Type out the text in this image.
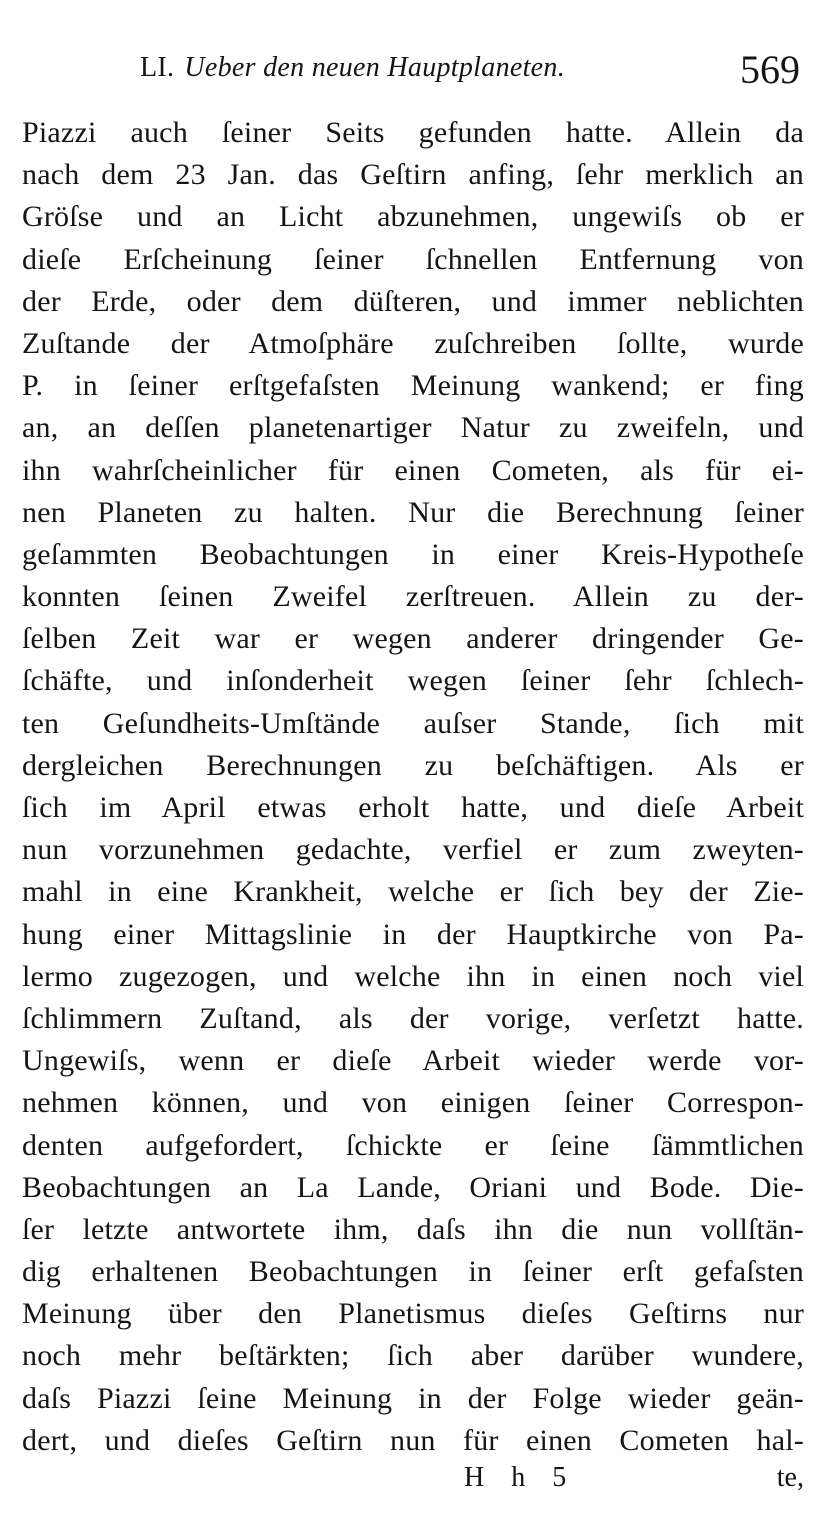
LI. Ueber den neuen Hauptplaneten.	569
Piazzi auch ſeiner Seits gefunden hatte. Allein da
nach dem 23 Jan. das Geſtirn anfing, ſehr merklich an
Gröſse und an Licht abzunehmen, ungewiſs ob er
dieſe Erſcheinung ſeiner ſchnellen Entfernung von
der Erde, oder dem düſteren, und immer neblichten
Zuſtande der Atmoſphäre zuſchreiben ſollte, wurde
P. in ſeiner erſtgefaſsten Meinung wankend; er fing
an, an deſſen planetenartiger Natur zu zweifeln, und
ihn wahrſcheinlicher für einen Cometen, als für ei-
nen Planeten zu halten. Nur die Berechnung ſeiner
geſammten Beobachtungen in einer Kreis-Hypotheſe
konnten ſeinen Zweifel zerſtreuen. Allein zu der-
ſelben Zeit war er wegen anderer dringender Ge-
ſchäfte, und inſonderheit wegen ſeiner ſehr ſchlech-
ten Geſundheits-Umſtände auſser Stande, ſich mit
dergleichen Berechnungen zu beſchäftigen. Als er
ſich im April etwas erholt hatte, und dieſe Arbeit
nun vorzunehmen gedachte, verfiel er zum zweyten-
mahl in eine Krankheit, welche er ſich bey der Zie-
hung einer Mittagslinie in der Hauptkirche von Pa-
lermo zugezogen, und welche ihn in einen noch viel
ſchlimmern Zuſtand, als der vorige, verſetzt hatte.
Ungewiſs, wenn er dieſe Arbeit wieder werde vor-
nehmen können, und von einigen ſeiner Correspon-
denten aufgefordert, ſchickte er ſeine ſämmtlichen
Beobachtungen an La Lande, Oriani und Bode. Die-
ſer letzte antwortete ihm, daſs ihn die nun vollſtän-
dig erhaltenen Beobachtungen in ſeiner erſt gefaſsten
Meinung über den Planetismus dieſes Geſtirns nur
noch mehr beſtärkten; ſich aber darüber wundere,
daſs Piazzi ſeine Meinung in der Folge wieder geän-
dert, und dieſes Geſtirn nun für einen Cometen hal-
H h 5	te,
